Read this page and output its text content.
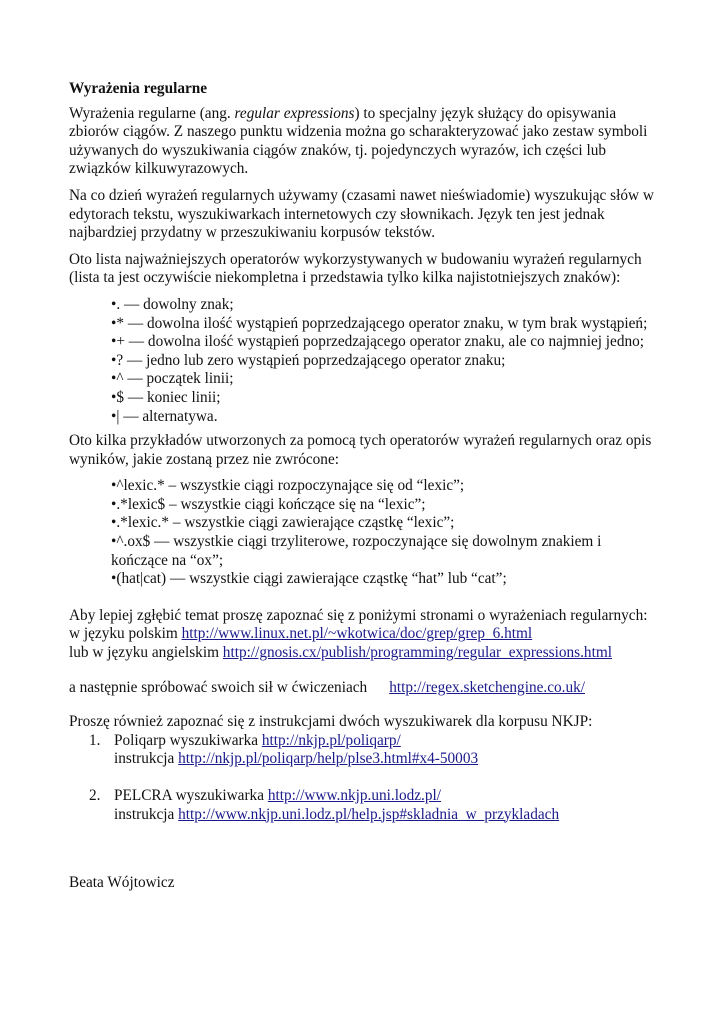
Wyrażenia regularne

Wyrażenia regularne (ang. regular expressions) to specjalny język służący do opisywania zbiorów ciągów. Z naszego punktu widzenia można go scharakteryzować jako zestaw symboli używanych do wyszukiwania ciągów znaków, tj. pojedynczych wyrazów, ich części lub związków kilkuwyrazowych.

Na co dzień wyrażeń regularnych używamy (czasami nawet nieświadomie) wyszukując słów w edytorach tekstu, wyszukiwarkach internetowych czy słownikach. Język ten jest jednak najbardziej przydatny w przeszukiwaniu korpusów tekstów.

Oto lista najważniejszych operatorów wykorzystywanych w budowaniu wyrażeń regularnych (lista ta jest oczywiście niekompletna i przedstawia tylko kilka najistotniejszych znaków):

•. — dowolny znak;
•* — dowolna ilość wystąpień poprzedzającego operator znaku, w tym brak wystąpień;
•+ — dowolna ilość wystąpień poprzedzającego operator znaku, ale co najmniej jedno;
•? — jedno lub zero wystąpień poprzedzającego operator znaku;
•^ — początek linii;
•$ — koniec linii;
•| — alternatywa.

Oto kilka przykładów utworzonych za pomocą tych operatorów wyrażeń regularnych oraz opis wyników, jakie zostaną przez nie zwrócone:

•^lexic.* – wszystkie ciągi rozpoczynające się od “lexic”;
•.*lexic$ – wszystkie ciągi kończące się na “lexic”;
•.*lexic.* – wszystkie ciągi zawierające cząstkę “lexic”;
•^.ox$ — wszystkie ciągi trzyliterowe, rozpoczynające się dowolnym znakiem i kończące na “ox”;
•(hat|cat) — wszystkie ciągi zawierające cząstkę “hat” lub “cat”;
Aby lepiej zgłębić temat proszę zapoznać się z poniżymi stronami o wyrażeniach regularnych:
w języku polskim http://www.linux.net.pl/~wkotwica/doc/grep/grep_6.html
lub w języku angielskim http://gnosis.cx/publish/programming/regular_expressions.html
a następnie spróbować swoich sił w ćwiczeniach http://regex.sketchengine.co.uk/
Proszę również zapoznać się z instrukcjami dwóch wyszukiwarek dla korpusu NKJP:
1. Poliqarp wyszukiwarka http://nkjp.pl/poliqarp/
instrukcja http://nkjp.pl/poliqarp/help/plse3.html#x4-50003
2. PELCRA wyszukiwarka http://www.nkjp.uni.lodz.pl/
instrukcja http://www.nkjp.uni.lodz.pl/help.jsp#skladnia_w_przykladach
Beata Wójtowicz
